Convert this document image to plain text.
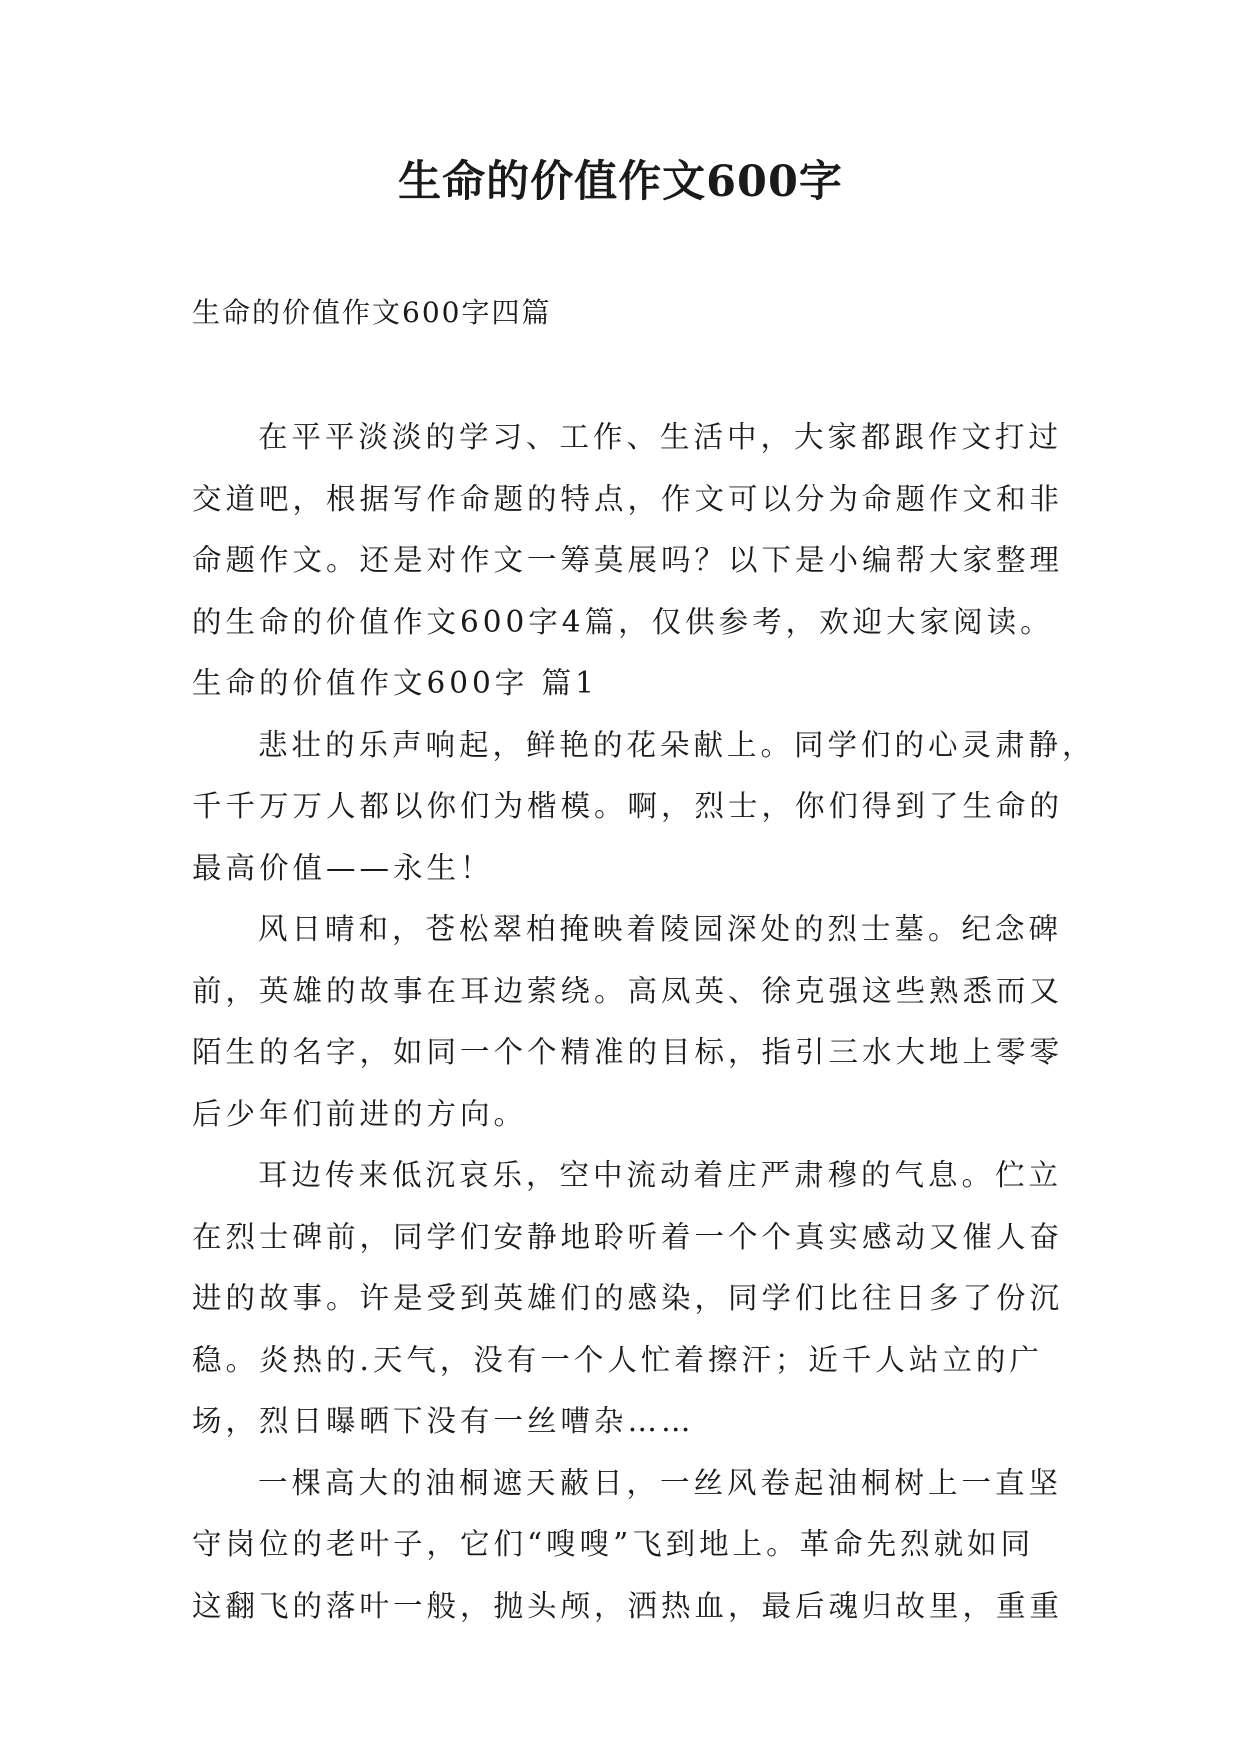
生命的价值作文600字
生命的价值作文600字四篇
在平平淡淡的学习、工作、生活中，大家都跟作文打过
交道吧，根据写作命题的特点，作文可以分为命题作文和非
命题作文。还是对作文一筹莫展吗？以下是小编帮大家整理
的生命的价值作文600字4篇，仅供参考，欢迎大家阅读。
生命的价值作文600字 篇1
悲壮的乐声响起，鲜艳的花朵献上。同学们的心灵肃静，
千千万万人都以你们为楷模。啊，烈士，你们得到了生命的
最高价值——永生！
风日晴和，苍松翠柏掩映着陵园深处的烈士墓。纪念碑
前，英雄的故事在耳边萦绕。高凤英、徐克强这些熟悉而又
陌生的名字，如同一个个精准的目标，指引三水大地上零零
后少年们前进的方向。
耳边传来低沉哀乐，空中流动着庄严肃穆的气息。伫立
在烈士碑前，同学们安静地聆听着一个个真实感动又催人奋
进的故事。许是受到英雄们的感染，同学们比往日多了份沉
稳。炎热的.天气，没有一个人忙着擦汗；近千人站立的广
场，烈日曝晒下没有一丝嘈杂……
一棵高大的油桐遮天蔽日，一丝风卷起油桐树上一直坚
守岗位的老叶子，它们“嗖嗖”飞到地上。革命先烈就如同
这翻飞的落叶一般，抛头颅，洒热血，最后魂归故里，重重
